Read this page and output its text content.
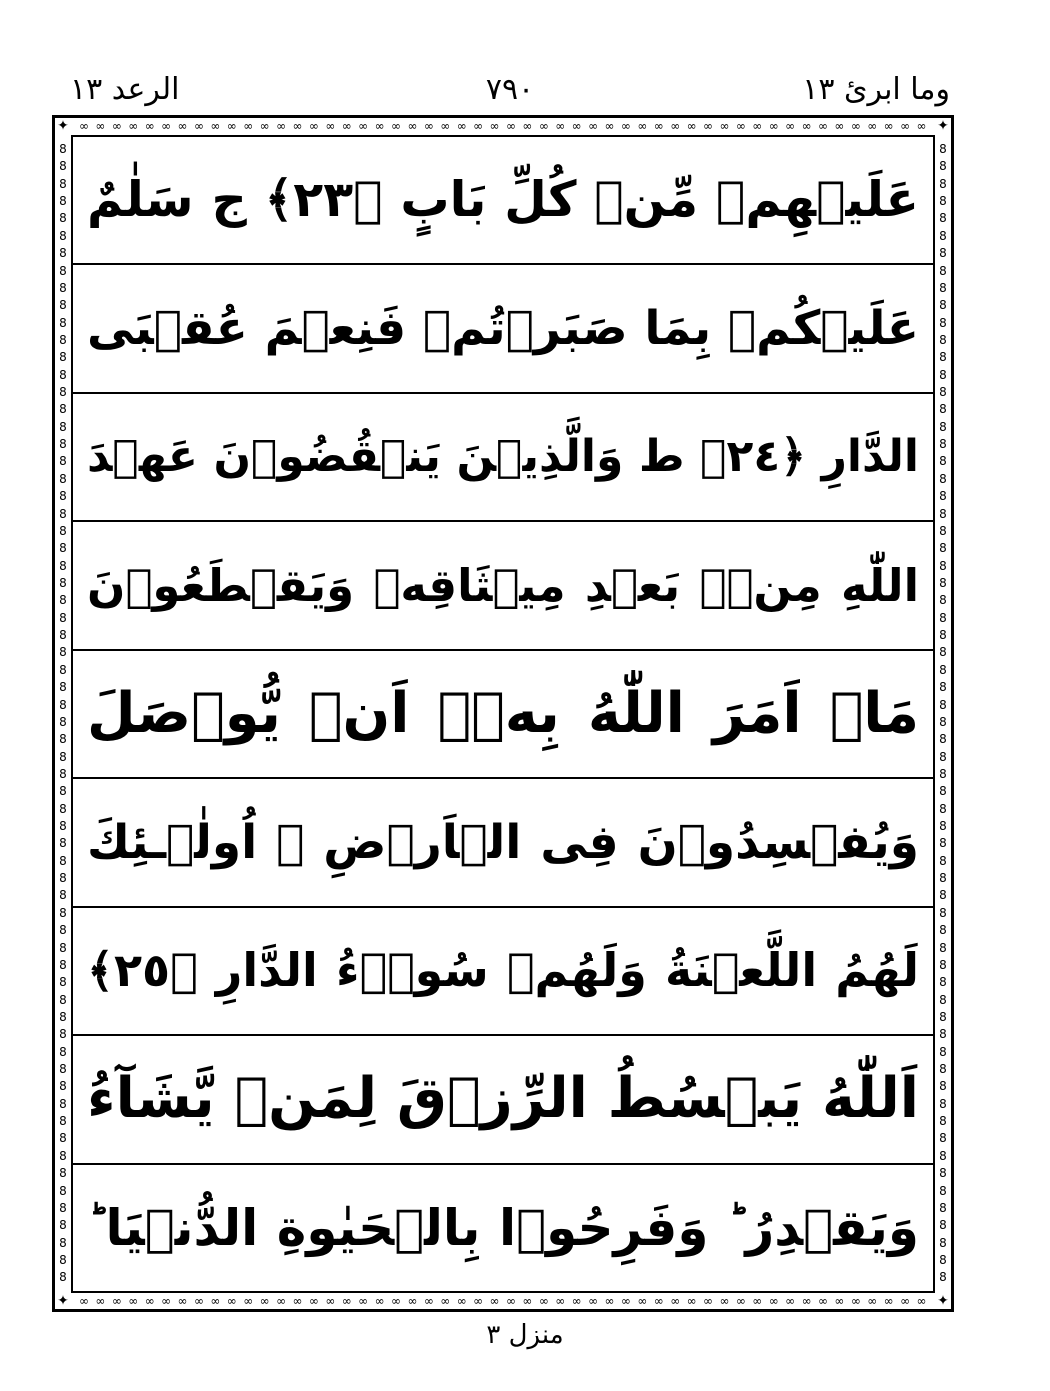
الرعد ١٣	٧٩٠	وما ابرئ ١٣
✦	✦
✦	✦
∞ ∞ ∞ ∞ ∞ ∞ ∞ ∞ ∞ ∞ ∞ ∞ ∞ ∞ ∞ ∞ ∞ ∞ ∞ ∞ ∞ ∞ ∞ ∞ ∞ ∞ ∞ ∞ ∞ ∞ ∞ ∞ ∞ ∞ ∞ ∞ ∞ ∞ ∞ ∞ ∞ ∞ ∞ ∞ ∞ ∞ ∞ ∞ ∞ ∞ ∞ ∞
∞ ∞ ∞ ∞ ∞ ∞ ∞ ∞ ∞ ∞ ∞ ∞ ∞ ∞ ∞ ∞ ∞ ∞ ∞ ∞ ∞ ∞ ∞ ∞ ∞ ∞ ∞ ∞ ∞ ∞ ∞ ∞ ∞ ∞ ∞ ∞ ∞ ∞ ∞ ∞ ∞ ∞ ∞ ∞ ∞ ∞ ∞ ∞ ∞ ∞ ∞ ∞
8
8
8
8
8
8
8
8
8
8
8
8
8
8
8
8
8
8
8
8
8
8
8
8
8
8
8
8
8
8
8
8
8
8
8
8
8
8
8
8
8
8
8
8
8
8
8
8
8
8
8
8
8
8
8
8
8
8
8
8
8
8
8
8
8
8
8
8
8
8
8
8
8
8
8
8
8
8
8
8
8
8
8
8
8
8
8
8
8
8
8
8
8
8
8
8
8
8
8
8
8
8
8
8
8
8
8
8
8
8
8
8
8
8
8
8
8
8
8
8
8
8
8
8
8
8
8
8
8
8
8
8
عَلَيۡهِمۡ مِّنۡ كُلِّ بَابٍ ﴿٢٣﴾ ج سَلٰمٌ
عَلَيۡكُمۡ بِمَا صَبَرۡتُمۡ فَنِعۡمَ عُقۡبَى
الدَّارِ ﴿٢٤﴾ ط وَالَّذِيۡنَ يَنۡقُضُوۡنَ عَهۡدَ
اللّٰهِ مِنۡۢ بَعۡدِ مِيۡثَاقِهٖ وَيَقۡطَعُوۡنَ
مَاۤ اَمَرَ اللّٰهُ بِهٖۤ اَنۡ يُّوۡصَلَ
وَيُفۡسِدُوۡنَ فِى الۡاَرۡضِ ۙ اُولٰۤـئِكَ
لَهُمُ اللَّعۡنَةُ وَلَهُمۡ سُوۡۤءُ الدَّارِ ﴿٢٥﴾
اَللّٰهُ يَبۡسُطُ الرِّزۡقَ لِمَنۡ يَّشَآءُ
وَيَقۡدِرُ ؕ وَفَرِحُوۡا بِالۡحَيٰوةِ الدُّنۡيَا ؕ
منزل ٣
